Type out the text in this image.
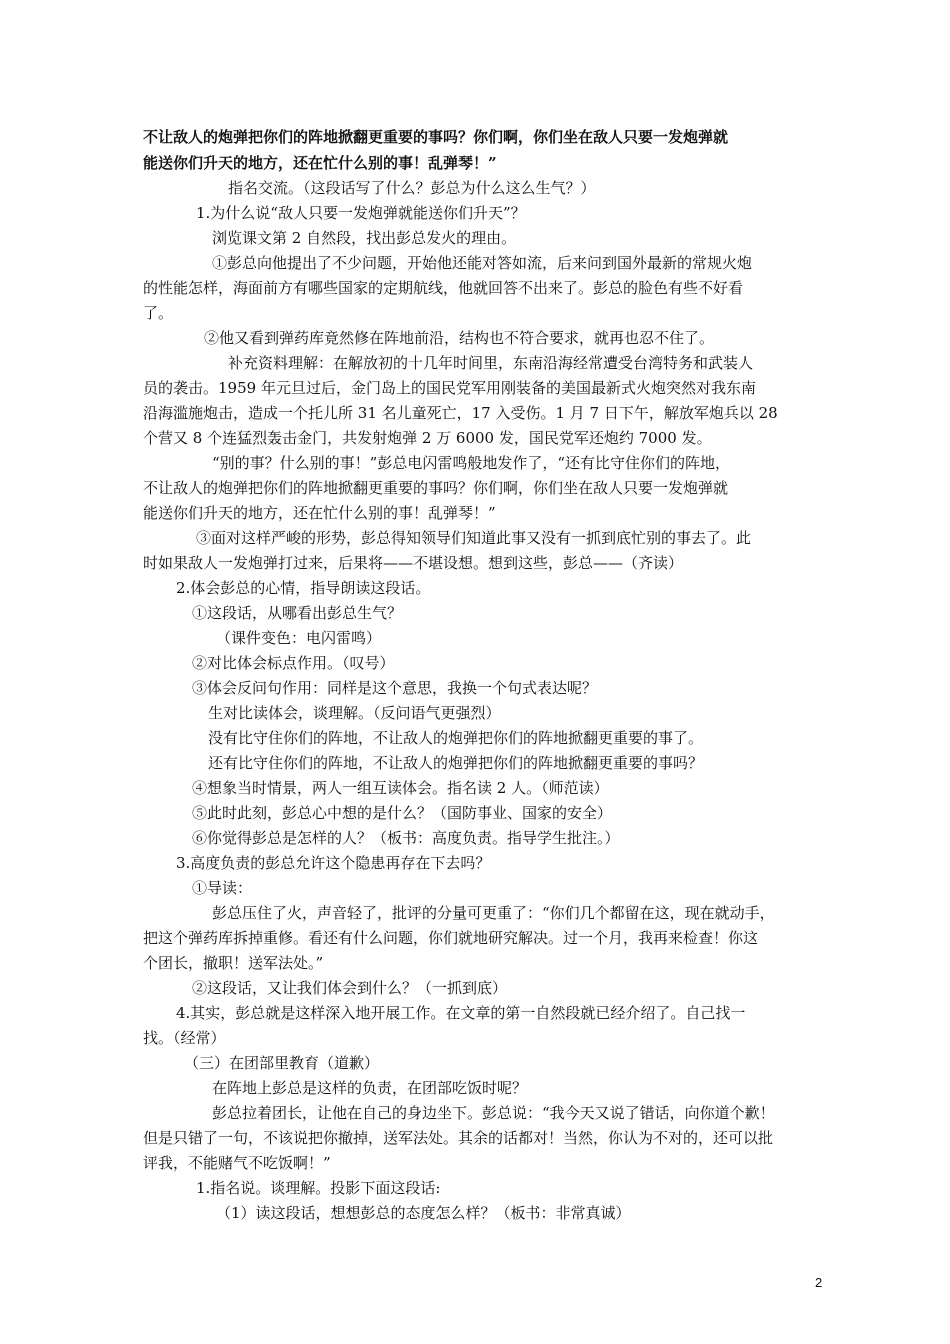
不让敌人的炮弹把你们的阵地掀翻更重要的事吗？你们啊，你们坐在敌人只要一发炮弹就
能送你们升天的地方，还在忙什么别的事！乱弹琴！”
指名交流。（这段话写了什么？彭总为什么这么生气？）
1.为什么说“敌人只要一发炮弹就能送你们升天”？
浏览课文第 2 自然段，找出彭总发火的理由。
①彭总向他提出了不少问题，开始他还能对答如流，后来问到国外最新的常规火炮
的性能怎样，海面前方有哪些国家的定期航线，他就回答不出来了。彭总的脸色有些不好看
了。
②他又看到弹药库竟然修在阵地前沿，结构也不符合要求，就再也忍不住了。
补充资料理解：在解放初的十几年时间里，东南沿海经常遭受台湾特务和武装人
员的袭击。1959 年元旦过后，金门岛上的国民党军用刚装备的美国最新式火炮突然对我东南
沿海滥施炮击，造成一个托儿所 31 名儿童死亡，17 入受伤。1 月 7 日下午，解放军炮兵以 28
个营又 8 个连猛烈轰击金门，共发射炮弹 2 万 6000 发，国民党军还炮约 7000 发。
“别的事？什么别的事！”彭总电闪雷鸣般地发作了，“还有比守住你们的阵地，
不让敌人的炮弹把你们的阵地掀翻更重要的事吗？你们啊，你们坐在敌人只要一发炮弹就
能送你们升天的地方，还在忙什么别的事！乱弹琴！”
③面对这样严峻的形势，彭总得知领导们知道此事又没有一抓到底忙别的事去了。此
时如果敌人一发炮弹打过来，后果将——不堪设想。想到这些，彭总——（齐读）
2.体会彭总的心情，指导朗读这段话。
①这段话，从哪看出彭总生气？
（课件变色：电闪雷鸣）
②对比体会标点作用。（叹号）
③体会反问句作用：同样是这个意思，我换一个句式表达呢？
生对比读体会，谈理解。（反问语气更强烈）
没有比守住你们的阵地，不让敌人的炮弹把你们的阵地掀翻更重要的事了。
还有比守住你们的阵地，不让敌人的炮弹把你们的阵地掀翻更重要的事吗？
④想象当时情景，两人一组互读体会。指名读 2 人。（师范读）
⑤此时此刻，彭总心中想的是什么？（国防事业、国家的安全）
⑥你觉得彭总是怎样的人？（板书：高度负责。指导学生批注。）
3.高度负责的彭总允许这个隐患再存在下去吗？
①导读：
彭总压住了火，声音轻了，批评的分量可更重了：“你们几个都留在这，现在就动手，
把这个弹药库拆掉重修。看还有什么问题，你们就地研究解决。过一个月，我再来检查！你这
个团长，撤职！送军法处。”
②这段话，又让我们体会到什么？（一抓到底）
4.其实，彭总就是这样深入地开展工作。在文章的第一自然段就已经介绍了。自己找一
找。（经常）
（三）在团部里教育（道歉）
在阵地上彭总是这样的负责，在团部吃饭时呢？
彭总拉着团长，让他在自己的身边坐下。彭总说：“我今天又说了错话，向你道个歉！
但是只错了一句，不该说把你撤掉，送军法处。其余的话都对！当然，你认为不对的，还可以批
评我，不能赌气不吃饭啊！”
1.指名说。谈理解。投影下面这段话:
（1）读这段话，想想彭总的态度怎么样？（板书：非常真诚）
2
